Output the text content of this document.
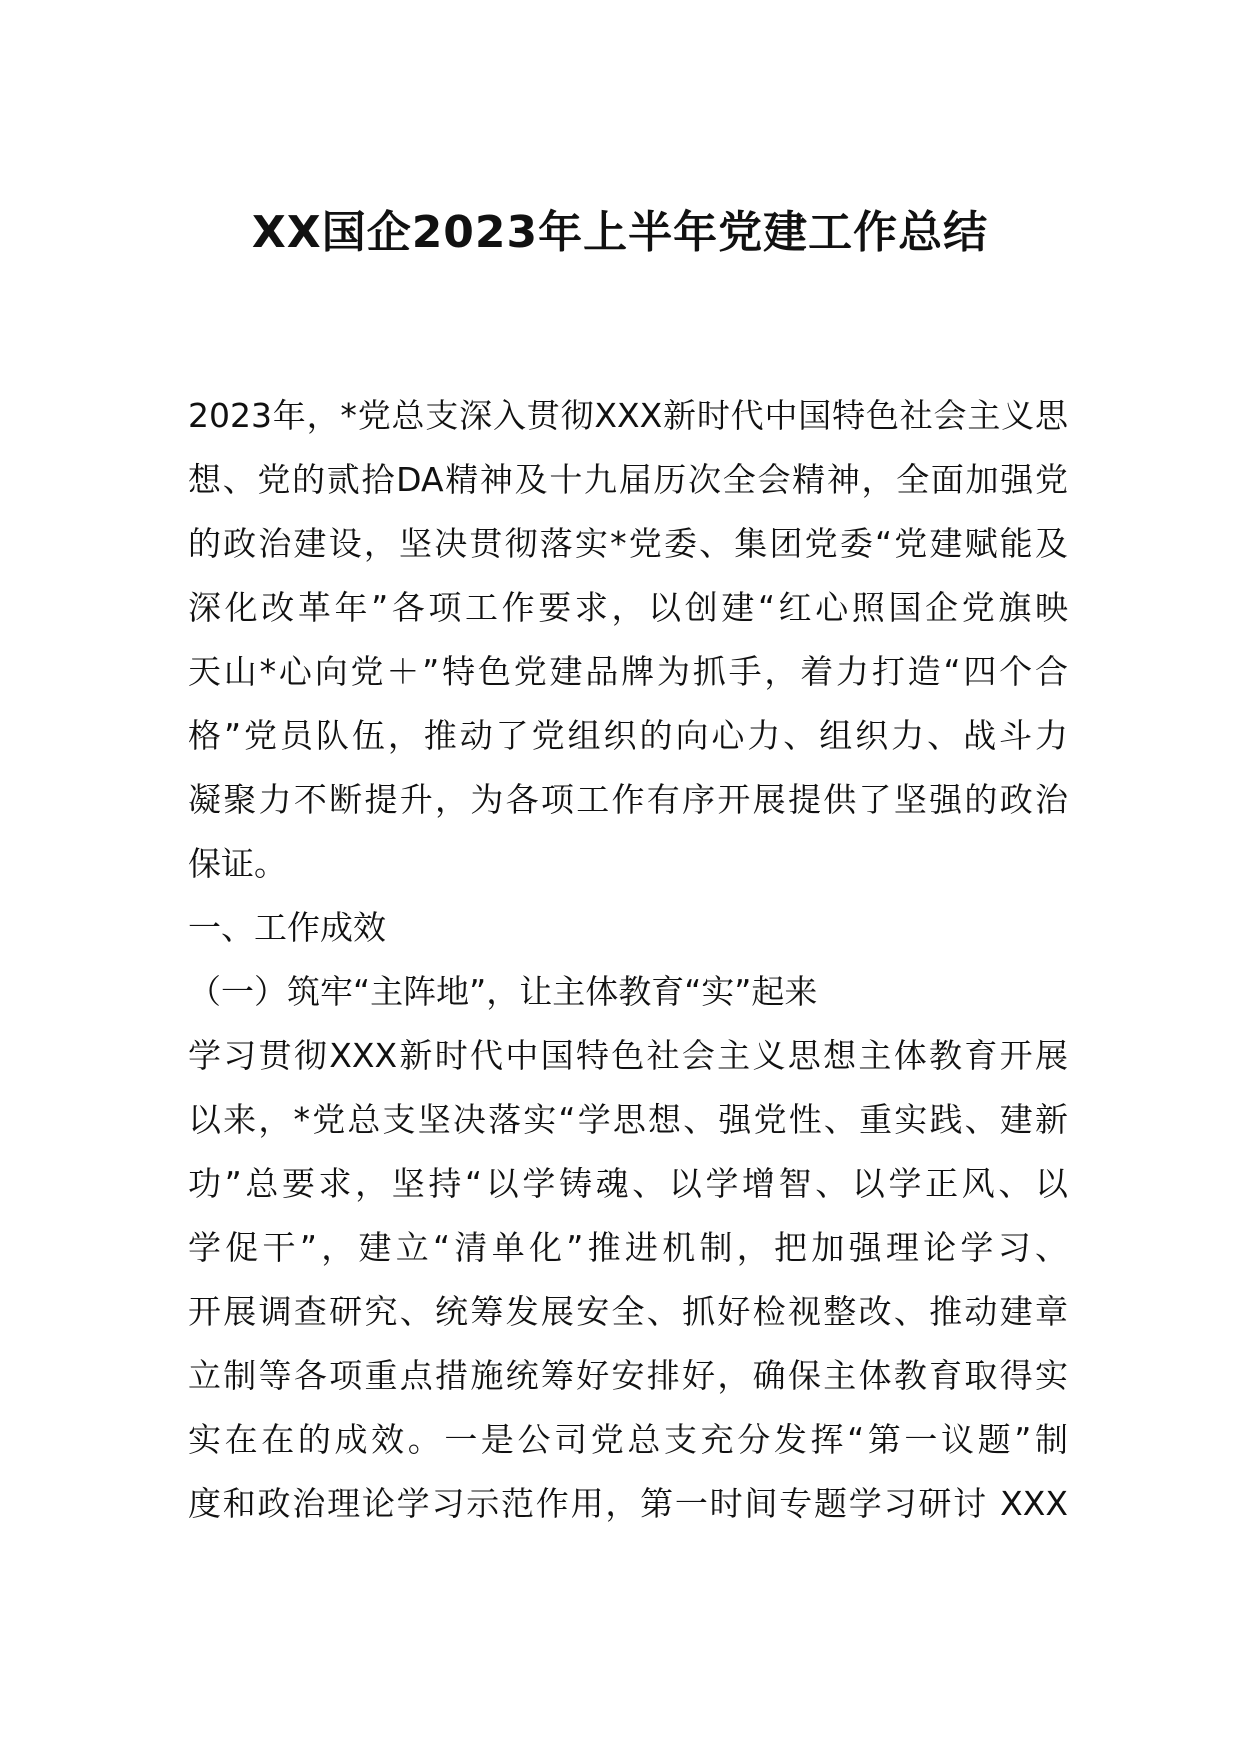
XX国企2023年上半年党建工作总结
2023年，*党总支深入贯彻XXX新时代中国特色社会主义思
想、党的贰拾DA精神及十九届历次全会精神，全面加强党
的政治建设，坚决贯彻落实*党委、集团党委“党建赋能及
深化改革年”各项工作要求，以创建“红心照国企党旗映
天山*心向党＋”特色党建品牌为抓手，着力打造“四个合
格”党员队伍，推动了党组织的向心力、组织力、战斗力
凝聚力不断提升，为各项工作有序开展提供了坚强的政治
保证。
一、工作成效
（一）筑牢“主阵地”，让主体教育“实”起来
学习贯彻XXX新时代中国特色社会主义思想主体教育开展
以来，*党总支坚决落实“学思想、强党性、重实践、建新
功”总要求，坚持“以学铸魂、以学增智、以学正风、以
学促干”，建立“清单化”推进机制，把加强理论学习、
开展调查研究、统筹发展安全、抓好检视整改、推动建章
立制等各项重点措施统筹好安排好，确保主体教育取得实
实在在的成效。一是公司党总支充分发挥“第一议题”制
度和政治理论学习示范作用，第一时间专题学习研讨 XXX
